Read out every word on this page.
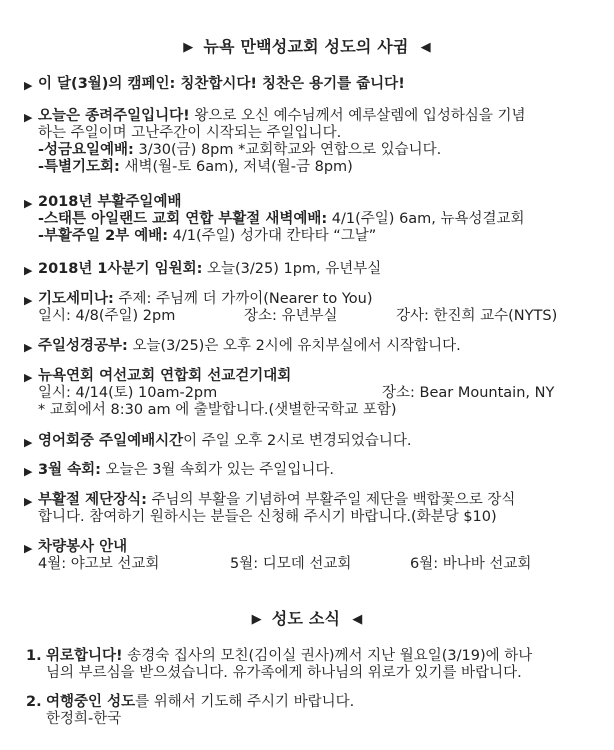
▶ 뉴욕 만백성교회 성도의 사귐 ◀
▶ 이 달(3월)의 캠페인: 칭찬합시다! 칭찬은 용기를 줍니다!
▶ 오늘은 종려주일입니다! 왕으로 오신 예수님께서 예루살렘에 입성하심을 기념
하는 주일이며 고난주간이 시작되는 주일입니다.
-성금요일예배: 3/30(금) 8pm *교회학교와 연합으로 있습니다.
-특별기도회: 새벽(월-토 6am), 저녁(월-금 8pm)
▶ 2018년 부활주일예배
-스태튼 아일랜드 교회 연합 부활절 새벽예배: 4/1(주일) 6am, 뉴욕성결교회
-부활주일 2부 예배: 4/1(주일) 성가대 칸타타 “그날”
▶ 2018년 1사분기 임원회: 오늘(3/25) 1pm, 유년부실
▶ 기도세미나: 주제: 주님께 더 가까이(Nearer to You)
일시: 4/8(주일) 2pm	장소: 유년부실	강사: 한진희 교수(NYTS)
▶ 주일성경공부: 오늘(3/25)은 오후 2시에 유치부실에서 시작합니다.
▶ 뉴욕연회 여선교회 연합회 선교걷기대회
일시: 4/14(토) 10am-2pm	장소: Bear Mountain, NY
* 교회에서 8:30 am 에 출발합니다.(샛별한국학교 포함)
▶ 영어회중 주일예배시간이 주일 오후 2시로 변경되었습니다.
▶ 3월 속회: 오늘은 3월 속회가 있는 주일입니다.
▶ 부활절 제단장식: 주님의 부활을 기념하여 부활주일 제단을 백합꽃으로 장식
합니다. 참여하기 원하시는 분들은 신청해 주시기 바랍니다.(화분당 $10)
▶ 차량봉사 안내
4월: 야고보 선교회	5월: 디모데 선교회	6월: 바나바 선교회
▶ 성도 소식 ◀
1. 위로합니다! 송경숙 집사의 모친(김이실 권사)께서 지난 월요일(3/19)에 하나
님의 부르심을 받으셨습니다. 유가족에게 하나님의 위로가 있기를 바랍니다.
2. 여행중인 성도를 위해서 기도해 주시기 바랍니다.
한정희-한국
